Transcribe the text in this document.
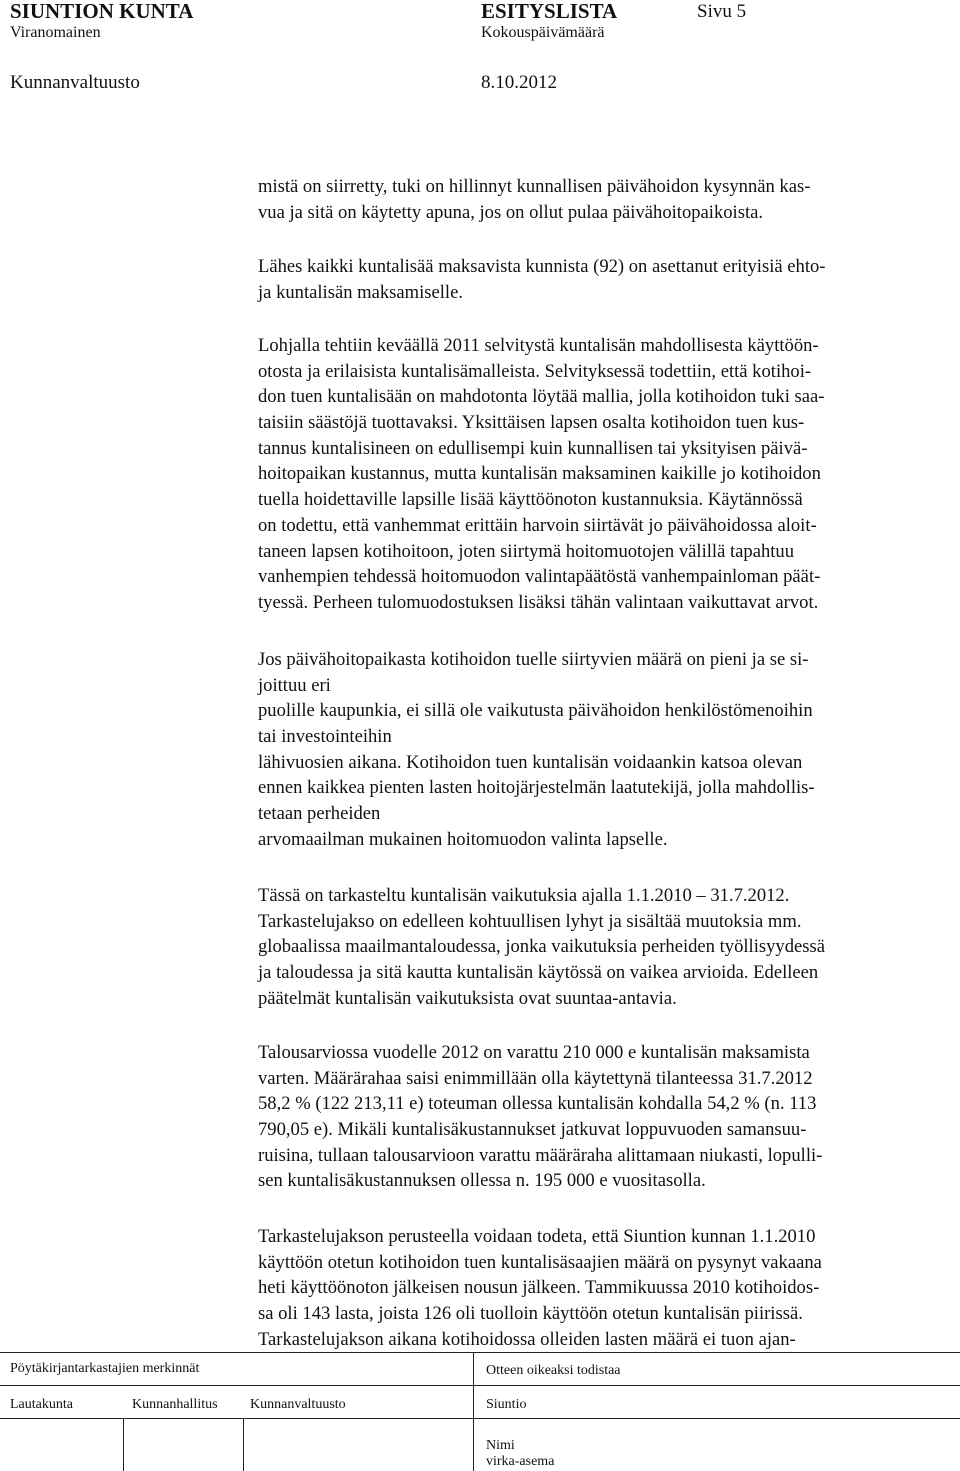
SIUNTION KUNTA	ESITYSLISTA	Sivu 5
Viranomainen	Kokouspäivämäärä
Kunnanvaltuusto	8.10.2012
mistä on siirretty, tuki on hillinnyt kunnallisen päivähoidon kysynnän kas-
vua ja sitä on käytetty apuna, jos on ollut pulaa päivähoitopaikoista.
Lähes kaikki kuntalisää maksavista kunnista (92) on asettanut erityisiä ehto-
ja kuntalisän maksamiselle.
Lohjalla tehtiin keväällä 2011 selvitystä kuntalisän mahdollisesta käyttöön-
otosta ja erilaisista kuntalisämalleista. Selvityksessä todettiin, että kotihoi-
don tuen kuntalisään on mahdotonta löytää mallia, jolla kotihoidon tuki saa-
taisiin säästöjä tuottavaksi. Yksittäisen lapsen osalta kotihoidon tuen kus-
tannus kuntalisineen on edullisempi kuin kunnallisen tai yksityisen päivä-
hoitopaikan kustannus, mutta kuntalisän maksaminen kaikille jo kotihoidon
tuella hoidettaville lapsille lisää käyttöönoton kustannuksia. Käytännössä
on todettu, että vanhemmat erittäin harvoin siirtävät jo päivähoidossa aloit-
taneen lapsen kotihoitoon, joten siirtymä hoitomuotojen välillä tapahtuu
vanhempien tehdessä hoitomuodon valintapäätöstä vanhempainloman päät-
tyessä. Perheen tulomuodostuksen lisäksi tähän valintaan vaikuttavat arvot.
Jos päivähoitopaikasta kotihoidon tuelle siirtyvien määrä on pieni ja se si-
joittuu eri
puolille kaupunkia, ei sillä ole vaikutusta päivähoidon henkilöstömenoihin
tai investointeihin
lähivuosien aikana. Kotihoidon tuen kuntalisän voidaankin katsoa olevan
ennen kaikkea pienten lasten hoitojärjestelmän laatutekijä, jolla mahdollis-
tetaan perheiden
arvomaailman mukainen hoitomuodon valinta lapselle.
Tässä on tarkasteltu kuntalisän vaikutuksia ajalla 1.1.2010 – 31.7.2012.
Tarkastelujakso on edelleen kohtuullisen lyhyt ja sisältää muutoksia mm.
globaalissa maailmantaloudessa, jonka vaikutuksia perheiden työllisyydessä
ja taloudessa ja sitä kautta kuntalisän käytössä on vaikea arvioida. Edelleen
päätelmät kuntalisän vaikutuksista ovat suuntaa-antavia.
Talousarviossa vuodelle 2012 on varattu 210 000 e kuntalisän maksamista
varten. Määrärahaa saisi enimmillään olla käytettynä tilanteessa 31.7.2012
58,2 % (122 213,11 e) toteuman ollessa kuntalisän kohdalla 54,2 % (n. 113
790,05 e). Mikäli kuntalisäkustannukset jatkuvat loppuvuoden samansuu-
ruisina, tullaan talousarvioon varattu määräraha alittamaan niukasti, lopulli-
sen kuntalisäkustannuksen ollessa n. 195 000 e vuositasolla.
Tarkastelujakson perusteella voidaan todeta, että Siuntion kunnan 1.1.2010
käyttöön otetun kotihoidon tuen kuntalisäsaajien määrä on pysynyt vakaana
heti käyttöönoton jälkeisen nousun jälkeen. Tammikuussa 2010 kotihoidos-
sa oli 143 lasta, joista 126 oli tuolloin käyttöön otetun kuntalisän piirissä.
Tarkastelujakson aikana kotihoidossa olleiden lasten määrä ei tuon ajan-
Pöytäkirjantarkastajien merkinnät	Otteen oikeaksi todistaa
Lautakunta	Kunnanhallitus Kunnanvaltuusto	Siuntio
Nimi
virka-asema
